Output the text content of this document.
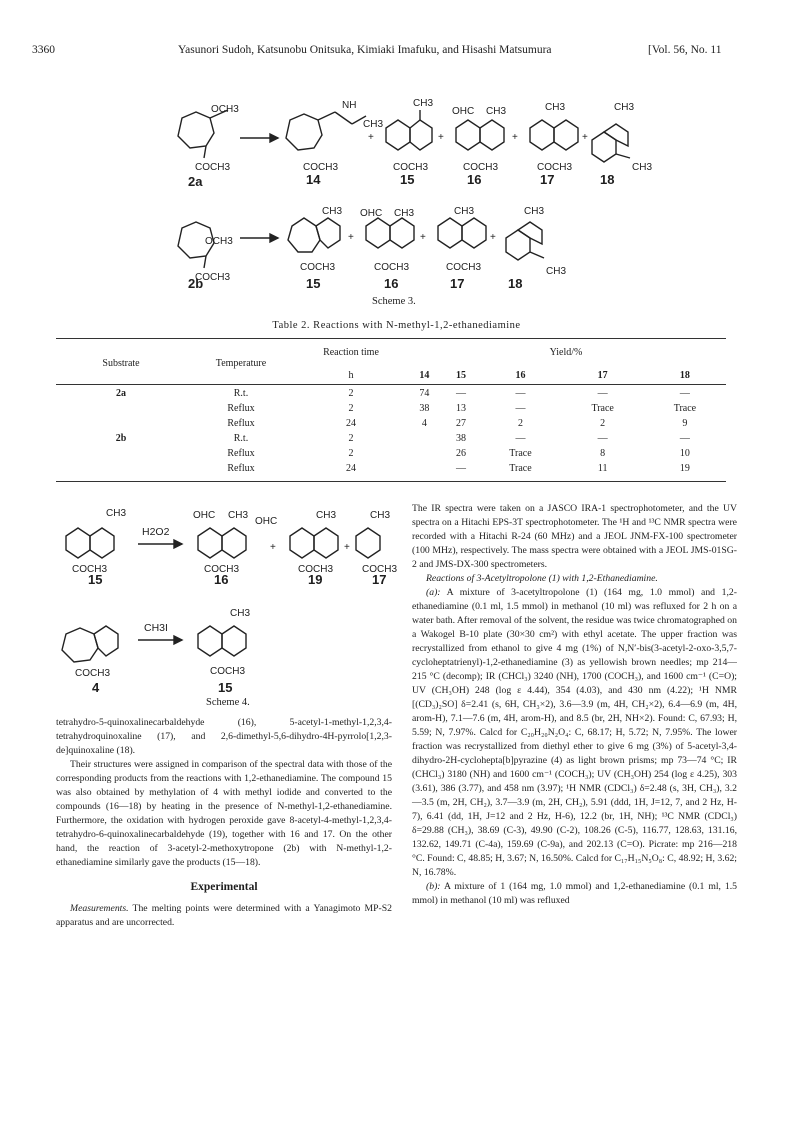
3360	Yasunori Sudoh, Katsunobu Onitsuka, Kimiaki Imafuku, and Hisashi Matsumura	[Vol. 56, No. 11
OCH3
COCH3
NH
CH3
COCH3
CH3
COCH3
OHC CH3
COCH3
CH3
COCH3
CH3
CH3
OCH3
COCH3
CH3
COCH3
OHC CH3
COCH3
CH3
COCH3
CH3
CH3
+	+	+	+
+	+	+
2a	14	15	16	17	18
2b	15	16	17	18
Scheme 3.
Table 2. Reactions with N-methyl-1,2-ethanediamine
Substrate	Temperature	Reaction time	Yield/%				
		h	14	15	16	17	18
2a	R.t.	2	74	—	—	—	—
	Reflux	2	38	13	—	Trace	Trace
	Reflux	24	4	27	2	2	9
2b	R.t.	2		38	—	—	—
	Reflux	2		26	Trace	8	10
	Reflux	24		—	Trace	11	19
CH3
COCH3
OHC CH3
COCH3
OHC
CH3
COCH3
CH3
COCH3
COCH3
CH3
COCH3
+	+
H2O2
CH3I
15	16	19	17
4	15
Scheme 4.

tetrahydro-5-quinoxalinecarbaldehyde (16), 5-acetyl-1-methyl-1,2,3,4-tetrahydroquinoxaline (17), and 2,6-dimethyl-5,6-dihydro-4H-pyrrolo[1,2,3-de]quinoxaline (18).

Their structures were assigned in comparison of the spectral data with those of the corresponding products from the reactions with 1,2-ethanediamine. The compound 15 was also obtained by methylation of 4 with methyl iodide and converted to the compounds (16—18) by heating in the presence of N-methyl-1,2-ethanediamine. Furthermore, the oxidation with hydrogen peroxide gave 8-acetyl-4-methyl-1,2,3,4-tetrahydro-6-quinoxalinecarbaldehyde (19), together with 16 and 17. On the other hand, the reaction of 3-acetyl-2-methoxytropone (2b) with N-methyl-1,2-ethanediamine similarly gave the products (15—18).

Experimental

Measurements. The melting points were determined with a Yanagimoto MP-S2 apparatus and are uncorrected.

The IR spectra were taken on a JASCO IRA-1 spectrophotometer, and the UV spectra on a Hitachi EPS-3T spectrophotometer. The ¹H and ¹³C NMR spectra were recorded with a Hitachi R-24 (60 MHz) and a JEOL JNM-FX-100 spectrometer (100 MHz), respectively. The mass spectra were obtained with a JEOL JMS-01SG-2 and JMS-DX-300 spectrometers.

Reactions of 3-Acetyltropolone (1) with 1,2-Ethanediamine.

(a): A mixture of 3-acetyltropolone (1) (164 mg, 1.0 mmol) and 1,2-ethanediamine (0.1 ml, 1.5 mmol) in methanol (10 ml) was refluxed for 2 h on a water bath. After removal of the solvent, the residue was twice chromatographed on a Wakogel B-10 plate (30×30 cm²) with ethyl acetate. The upper fraction was recrystallized from ethanol to give 4 mg (1%) of N,N′-bis(3-acetyl-2-oxo-3,5,7-cycloheptatrienyl)-1,2-ethanediamine (3) as yellowish brown needles; mp 214—215 °C (decomp); IR (CHCl₃) 3240 (NH), 1700 (COCH₃), and 1600 cm⁻¹ (C=O); UV (CH₃OH) 248 (log ε 4.44), 354 (4.03), and 430 nm (4.22); ¹H NMR [(CD₃)₂SO] δ=2.41 (s, 6H, CH₃×2), 3.6—3.9 (m, 4H, CH₂×2), 6.4—6.9 (m, 4H, arom-H), 7.1—7.6 (m, 4H, arom-H), and 8.5 (br, 2H, NH×2). Found: C, 67.93; H, 5.59; N, 7.97%. Calcd for C₂₀H₂₀N₂O₄: C, 68.17; H, 5.72; N, 7.95%. The lower fraction was recrystallized from diethyl ether to give 6 mg (3%) of 5-acetyl-3,4-dihydro-2H-cyclohepta[b]pyrazine (4) as light brown prisms; mp 73—74 °C; IR (CHCl₃) 3180 (NH) and 1600 cm⁻¹ (COCH₃); UV (CH₃OH) 254 (log ε 4.25), 303 (3.61), 386 (3.77), and 458 nm (3.97); ¹H NMR (CDCl₃) δ=2.48 (s, 3H, CH₃), 3.2—3.5 (m, 2H, CH₂), 3.7—3.9 (m, 2H, CH₂), 5.91 (ddd, 1H, J=12, 7, and 2 Hz, H-7), 6.41 (dd, 1H, J=12 and 2 Hz, H-6), 12.2 (br, 1H, NH); ¹³C NMR (CDCl₃) δ=29.88 (CH₃), 38.69 (C-3), 49.90 (C-2), 108.26 (C-5), 116.77, 128.63, 131.16, 132.62, 149.71 (C-4a), 159.69 (C-9a), and 202.13 (C=O). Picrate: mp 216—218 °C. Found: C, 48.85; H, 3.67; N, 16.50%. Calcd for C₁₇H₁₅N₅O₈: C, 48.92; H, 3.62; N, 16.78%.

(b): A mixture of 1 (164 mg, 1.0 mmol) and 1,2-ethanediamine (0.1 ml, 1.5 mmol) in methanol (10 ml) was refluxed
